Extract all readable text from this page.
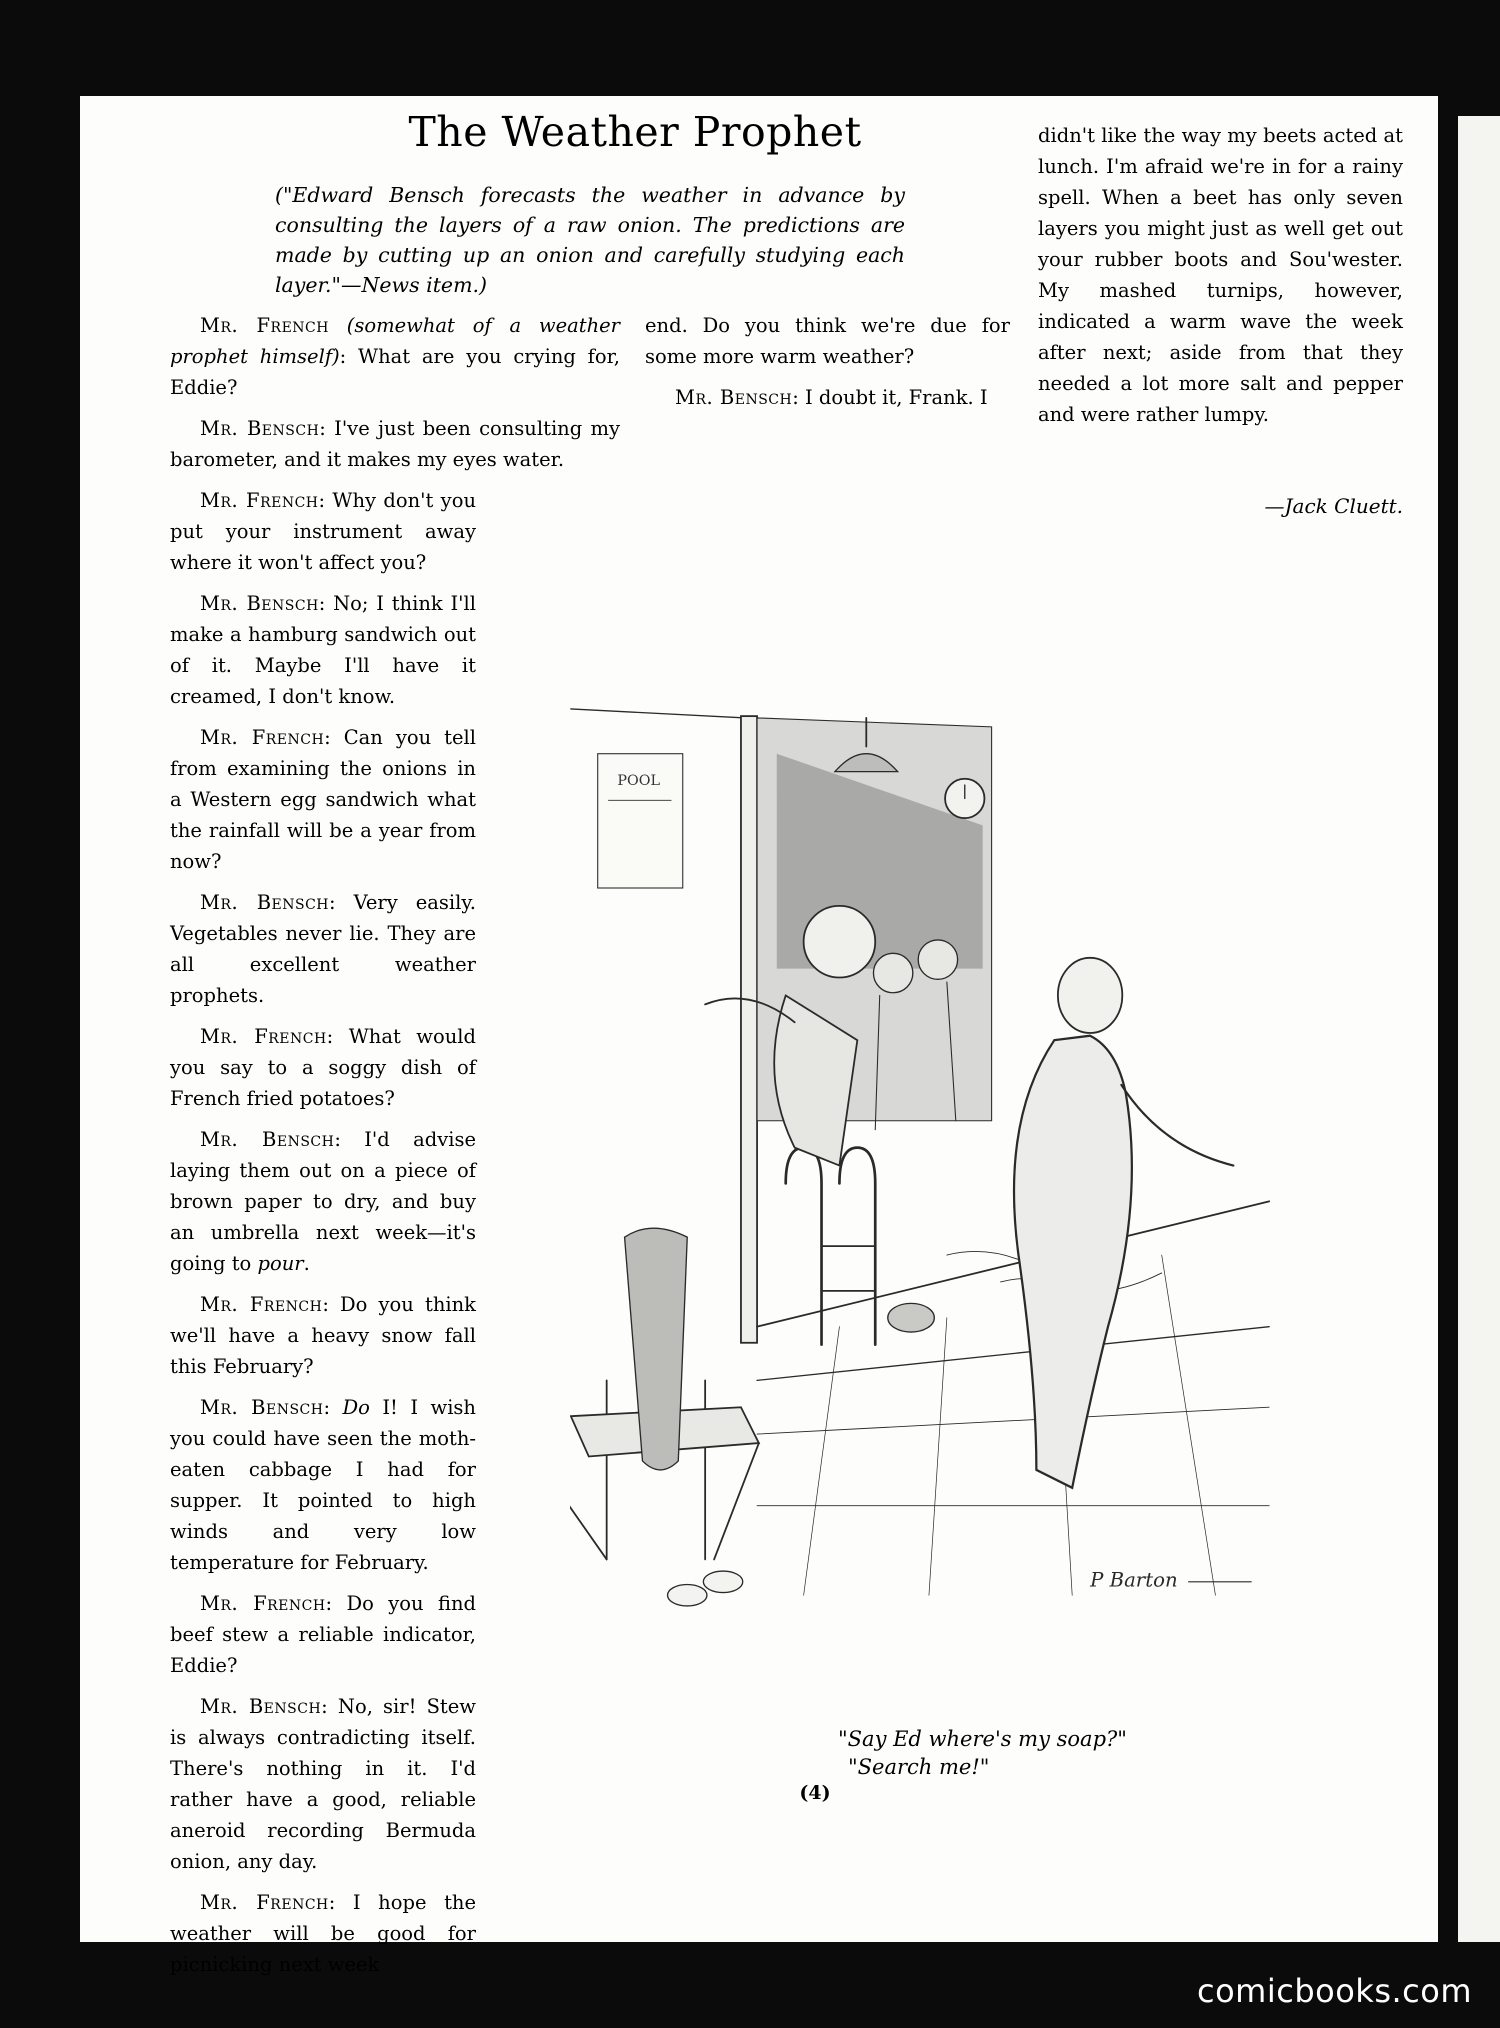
The Weather Prophet
("Edward Bensch forecasts the weather in advance by consulting the layers of a raw onion. The predictions are made by cutting up an onion and carefully studying each layer."—News item.)

Mr. French (somewhat of a weather prophet himself): What are you crying for, Eddie?

Mr. Bensch: I've just been consulting my barometer, and it makes my eyes water.

Mr. French: Why don't you put your instrument away where it won't affect you?

Mr. Bensch: No; I think I'll make a hamburg sandwich out of it. Maybe I'll have it creamed, I don't know.

Mr. French: Can you tell from examining the onions in a Western egg sandwich what the rainfall will be a year from now?

Mr. Bensch: Very easily. Vegetables never lie. They are all excellent weather prophets.

Mr. French: What would you say to a soggy dish of French fried potatoes?

Mr. Bensch: I'd advise laying them out on a piece of brown paper to dry, and buy an umbrella next week—it's going to pour.

Mr. French: Do you think we'll have a heavy snow fall this February?

Mr. Bensch: Do I! I wish you could have seen the moth-eaten cabbage I had for supper. It pointed to high winds and very low temperature for February.

Mr. French: Do you find beef stew a reliable indicator, Eddie?

Mr. Bensch: No, sir! Stew is always contradicting itself. There's nothing in it. I'd rather have a good, reliable aneroid recording Bermuda onion, any day.

Mr. French: I hope the weather will be good for picnicking next week

end. Do you think we're due for some more warm weather?

Mr. Bensch: I doubt it, Frank. I

didn't like the way my beets acted at lunch. I'm afraid we're in for a rainy spell. When a beet has only seven layers you might just as well get out your rubber boots and Sou'wester. My mashed turnips, however, indicated a warm wave the week after next; aside from that they needed a lot more salt and pepper and were rather lumpy.

—Jack Cluett.
POOL
P Barton
"Say Ed where's my soap?"
"Search me!"
(4)
comicbooks.com
